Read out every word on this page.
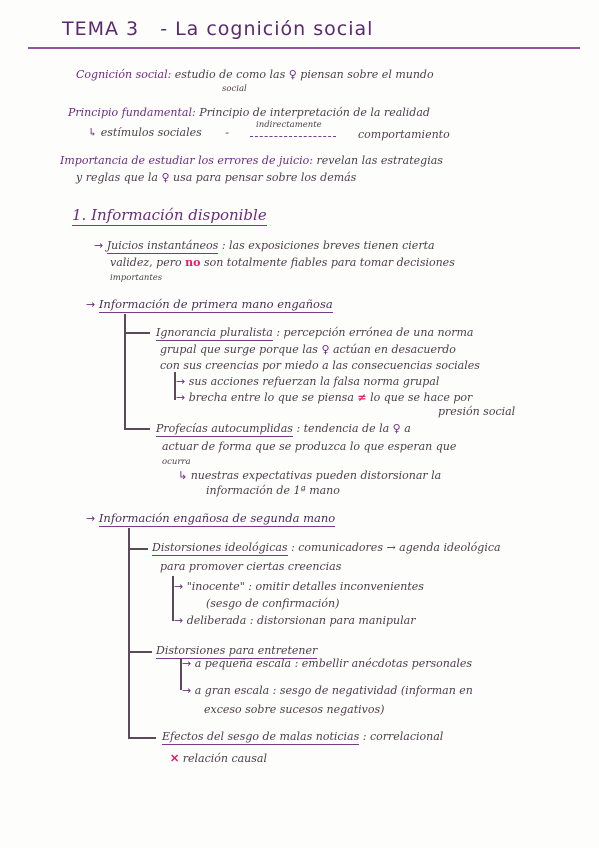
TEMA 3 - La cognición social
Cognición social: estudio de como las ♀ piensan sobre el mundo
social
Principio fundamental: Principio de interpretación de la realidad
↳ estímulos sociales -
indirectamente
comportamiento
Importancia de estudiar los errores de juicio: revelan las estrategias
y reglas que la ♀ usa para pensar sobre los demás
1. Información disponible
→ Juicios instantáneos : las exposiciones breves tienen cierta
validez, pero no son totalmente fiables para tomar decisiones
importantes
→ Información de primera mano engañosa
Ignorancia pluralista : percepción errónea de una norma
grupal que surge porque las ♀ actúan en desacuerdo
con sus creencias por miedo a las consecuencias sociales
→ sus acciones refuerzan la falsa norma grupal
→ brecha entre lo que se piensa ≠ lo que se hace por
presión social
Profecías autocumplidas : tendencia de la ♀ a
actuar de forma que se produzca lo que esperan que
ocurra
↳ nuestras expectativas pueden distorsionar la
información de 1ª mano
→ Información engañosa de segunda mano
Distorsiones ideológicas : comunicadores → agenda ideológica
para promover ciertas creencias
→ "inocente" : omitir detalles inconvenientes
(sesgo de confirmación)
→ deliberada : distorsionan para manipular
Distorsiones para entretener
→ a pequeña escala : embellir anécdotas personales
→ a gran escala : sesgo de negatividad (informan en
exceso sobre sucesos negativos)
Efectos del sesgo de malas noticias : correlacional
✕ relación causal
